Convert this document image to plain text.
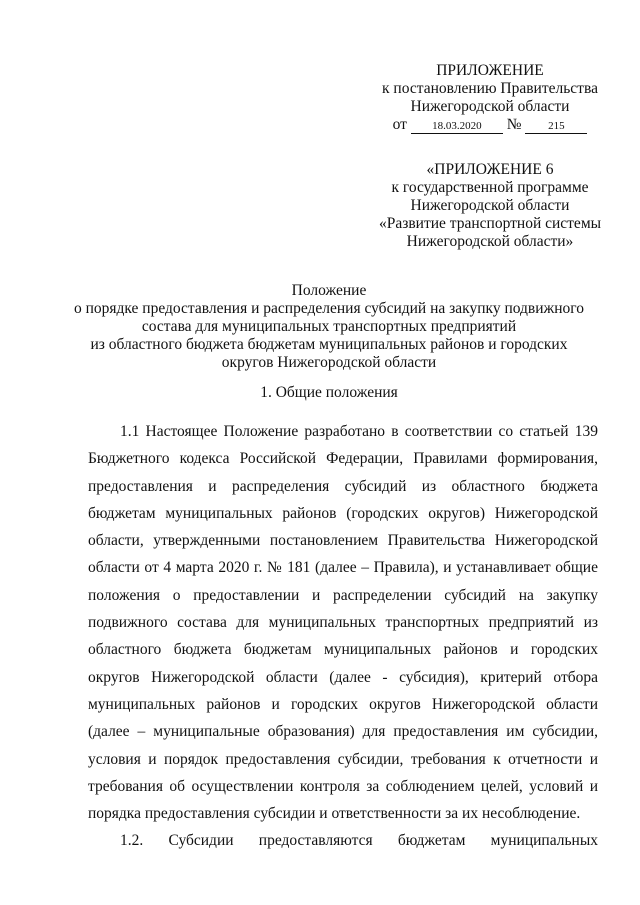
ПРИЛОЖЕНИЕ
к постановлению Правительства
Нижегородской области
от 18.03.2020 № 215
«ПРИЛОЖЕНИЕ 6
к государственной программе
Нижегородской области
«Развитие транспортной системы
Нижегородской области»
Положение
о порядке предоставления и распределения субсидий на закупку подвижного
состава для муниципальных транспортных предприятий
из областного бюджета бюджетам муниципальных районов и городских
округов Нижегородской области
1. Общие положения

1.1 Настоящее Положение разработано в соответствии со статьей 139 Бюджетного кодекса Российской Федерации, Правилами формирования, предоставления и распределения субсидий из областного бюджета бюджетам муниципальных районов (городских округов) Нижегородской области, утвержденными постановлением Правительства Нижегородской области от 4 марта 2020 г. № 181 (далее – Правила), и устанавливает общие положения о предоставлении и распределении субсидий на закупку подвижного состава для муниципальных транспортных предприятий из областного бюджета бюджетам муниципальных районов и городских округов Нижегородской области (далее - субсидия), критерий отбора муниципальных районов и городских округов Нижегородской области (далее – муниципальные образования) для предоставления им субсидии, условия и порядок предоставления субсидии, требования к отчетности и требования об осуществлении контроля за соблюдением целей, условий и порядка предоставления субсидии и ответственности за их несоблюдение.

1.2. Субсидии предоставляются бюджетам муниципальных
